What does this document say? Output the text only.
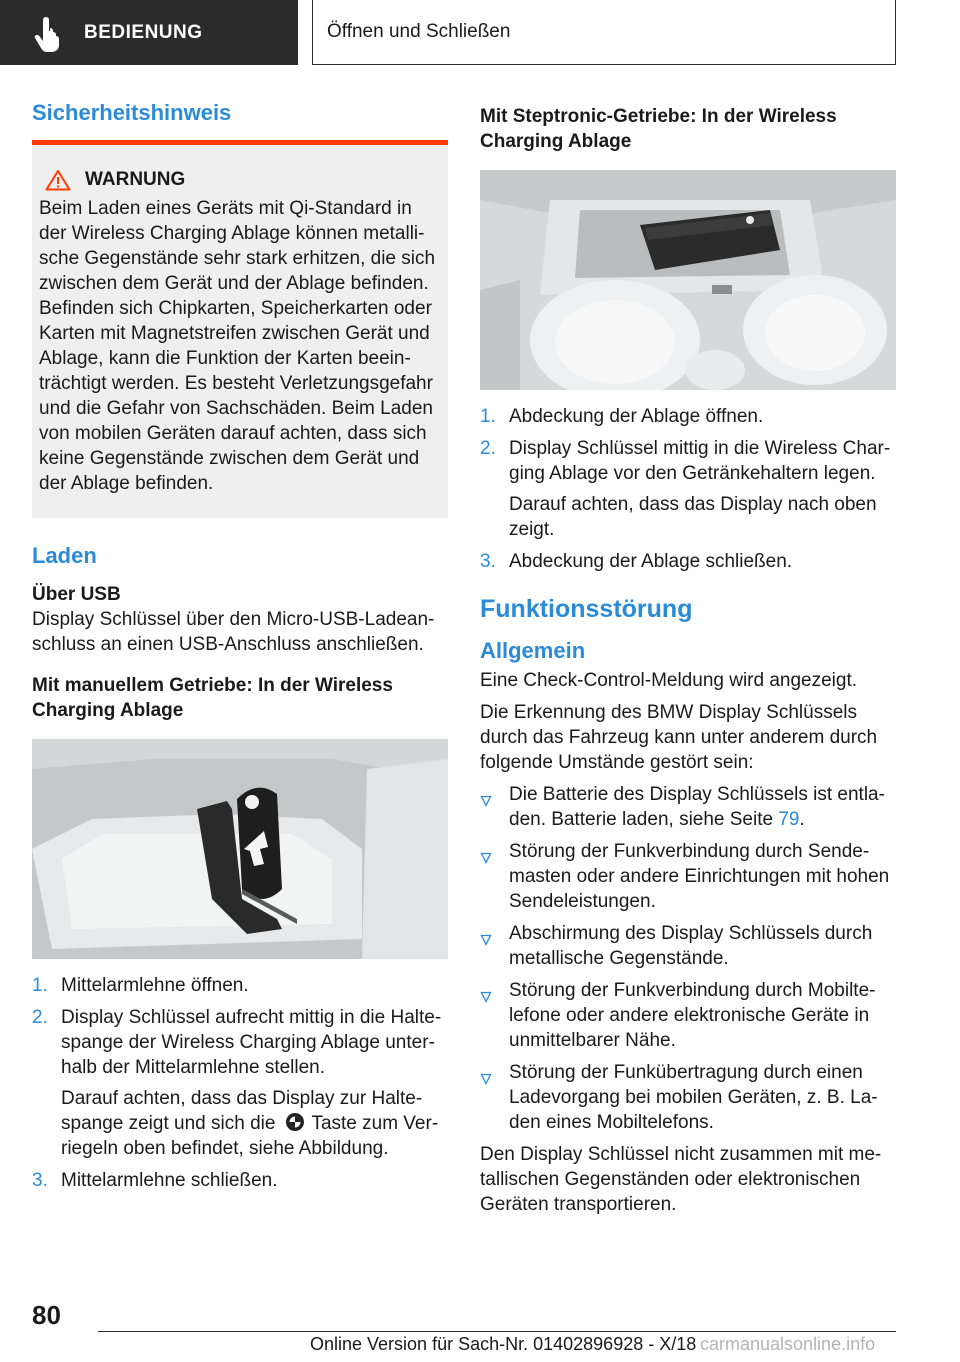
BEDIENUNG	Öffnen und Schließen
Sicherheitshinweis
WARNUNG

Beim Laden eines Geräts mit Qi-Standard in der Wireless Charging Ablage können metallische Gegenstände sehr stark erhitzen, die sich zwischen dem Gerät und der Ablage befinden. Befinden sich Chipkarten, Speicherkarten oder Karten mit Magnetstreifen zwischen Gerät und Ablage, kann die Funktion der Karten beeinträchtigt werden. Es besteht Verletzungsgefahr und die Gefahr von Sachschäden. Beim Laden von mobilen Geräten darauf achten, dass sich keine Gegenstände zwischen dem Gerät und der Ablage befinden.

Laden
Über USB

Display Schlüssel über den Micro-USB-Ladeanschluss an einen USB-Anschluss anschließen.

Mit manuellem Getriebe: In der Wireless Charging Ablage
1. Mittelarmlehne öffnen.

2. Display Schlüssel aufrecht mittig in die Haltespange der Wireless Charging Ablage unterhalb der Mittelarmlehne stellen.

Darauf achten, dass das Display zur Haltespange zeigt und sich die Taste zum Verriegeln oben befindet, siehe Abbildung.

3. Mittelarmlehne schließen.

Mit Steptronic-Getriebe: In der Wireless Charging Ablage
1. Abdeckung der Ablage öffnen.

2. Display Schlüssel mittig in die Wireless Charging Ablage vor den Getränkehaltern legen.

Darauf achten, dass das Display nach oben zeigt.

3. Abdeckung der Ablage schließen.

Funktionsstörung
Allgemein

Eine Check-Control-Meldung wird angezeigt.

Die Erkennung des BMW Display Schlüssels durch das Fahrzeug kann unter anderem durch folgende Umstände gestört sein:

Die Batterie des Display Schlüssels ist entladen. Batterie laden, siehe Seite 79.

Störung der Funkverbindung durch Sendemasten oder andere Einrichtungen mit hohen Sendeleistungen.

Abschirmung des Display Schlüssels durch metallische Gegenstände.

Störung der Funkverbindung durch Mobiltelefone oder andere elektronische Geräte in unmittelbarer Nähe.

Störung der Funkübertragung durch einen Ladevorgang bei mobilen Geräten, z. B. Laden eines Mobiltelefons.

Den Display Schlüssel nicht zusammen mit metallischen Gegenständen oder elektronischen Geräten transportieren.

80
Online Version für Sach-Nr. 01402896928 - X/18 carmanualsonline.info
